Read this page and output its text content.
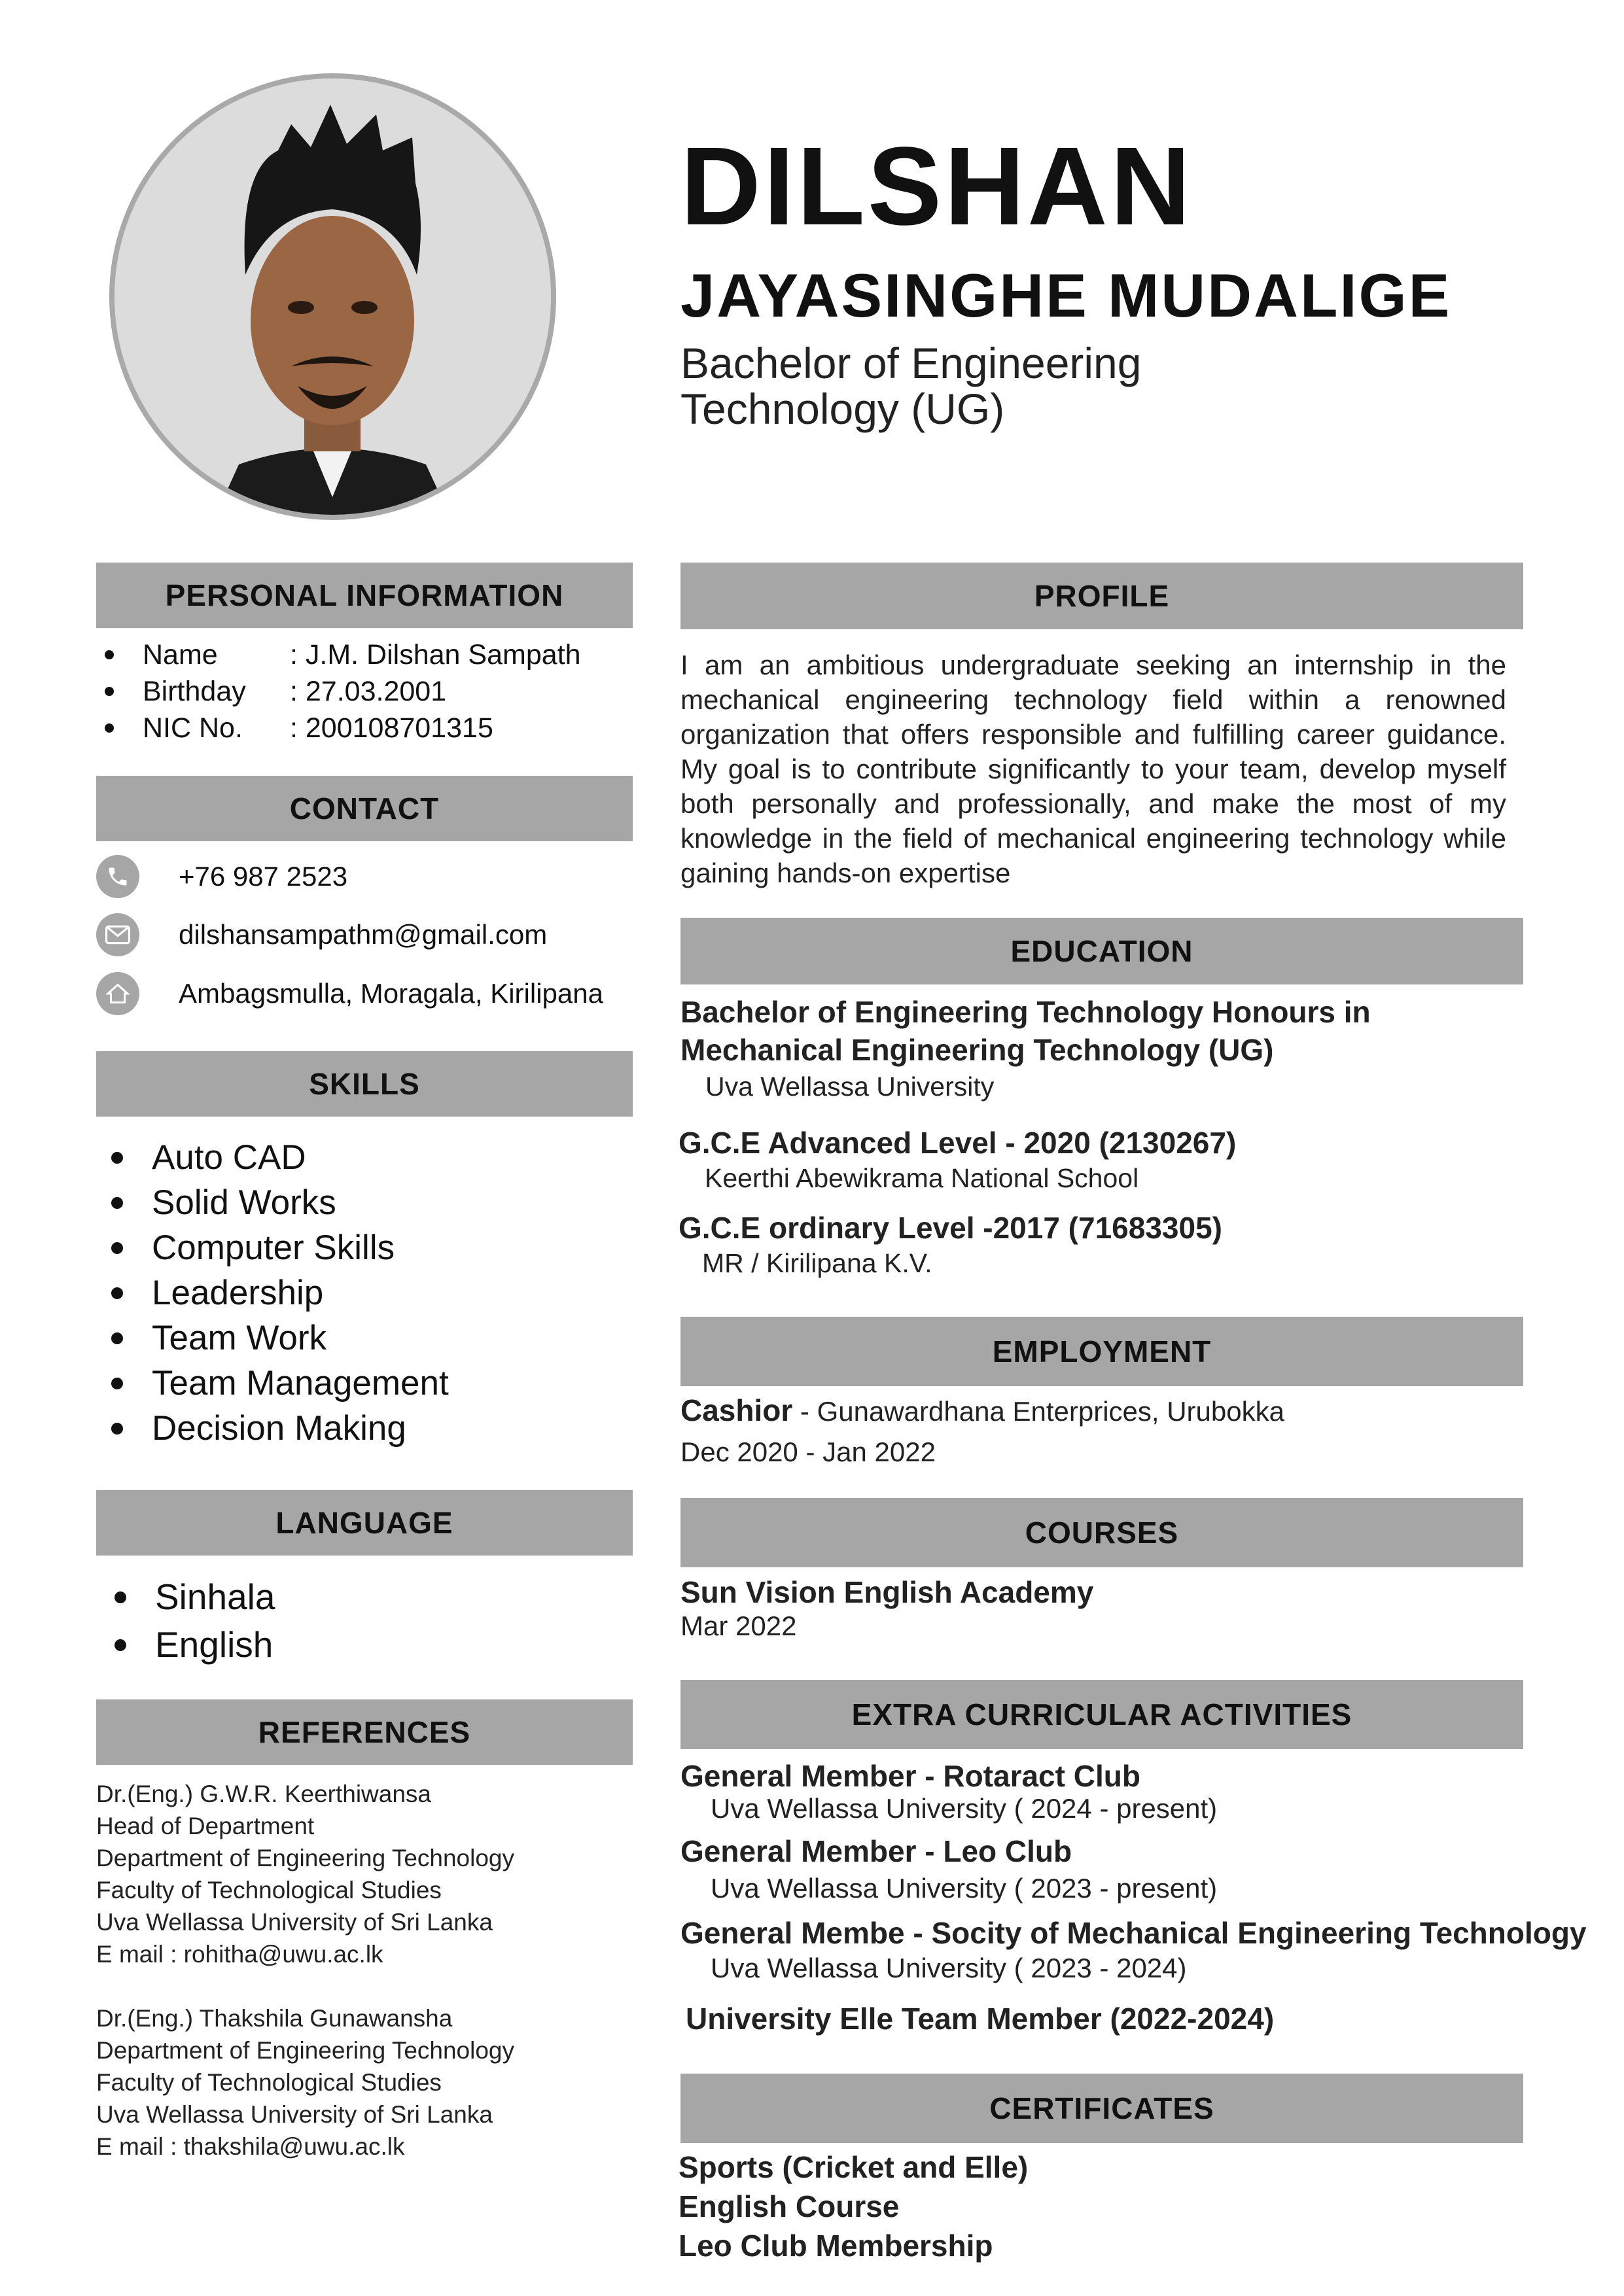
DILSHAN
JAYASINGHE MUDALIGE
Bachelor of Engineering
Technology (UG)
PERSONAL INFORMATION
Name	: J.M. Dilshan Sampath
Birthday	: 27.03.2001
NIC No.	: 200108701315
CONTACT
+76 987 2523
dilshansampathm@gmail.com
Ambagsmulla, Moragala, Kirilipana
SKILLS
Auto CAD
Solid Works
Computer Skills
Leadership
Team Work
Team Management
Decision Making
LANGUAGE
Sinhala
English
REFERENCES
Dr.(Eng.) G.W.R. Keerthiwansa
Head of Department
Department of Engineering Technology
Faculty of Technological Studies
Uva Wellassa University of Sri Lanka
E mail : rohitha@uwu.ac.lk
Dr.(Eng.) Thakshila Gunawansha
Department of Engineering Technology
Faculty of Technological Studies
Uva Wellassa University of Sri Lanka
E mail : thakshila@uwu.ac.lk
PROFILE
I am an ambitious undergraduate seeking an internship in the mechanical engineering technology field within a renowned organization that offers responsible and fulfilling career guidance. My goal is to contribute significantly to your team, develop myself both personally and professionally, and make the most of my knowledge in the field of mechanical engineering technology while gaining hands-on expertise
EDUCATION
Bachelor of Engineering Technology Honours in
Mechanical Engineering Technology (UG)
Uva Wellassa University
G.C.E Advanced Level - 2020 (2130267)
Keerthi Abewikrama National School
G.C.E ordinary Level -2017 (71683305)
MR / Kirilipana K.V.
EMPLOYMENT
Cashior - Gunawardhana Enterprices, Urubokka
Dec 2020 - Jan 2022
COURSES
Sun Vision English Academy
Mar 2022
EXTRA CURRICULAR ACTIVITIES
General Member - Rotaract Club
Uva Wellassa University ( 2024 - present)
General Member - Leo Club
Uva Wellassa University ( 2023 - present)
General Membe - Socity of Mechanical Engineering Technology
Uva Wellassa University ( 2023 - 2024)
University Elle Team Member (2022-2024)
CERTIFICATES
Sports (Cricket and Elle)
English Course
Leo Club Membership
